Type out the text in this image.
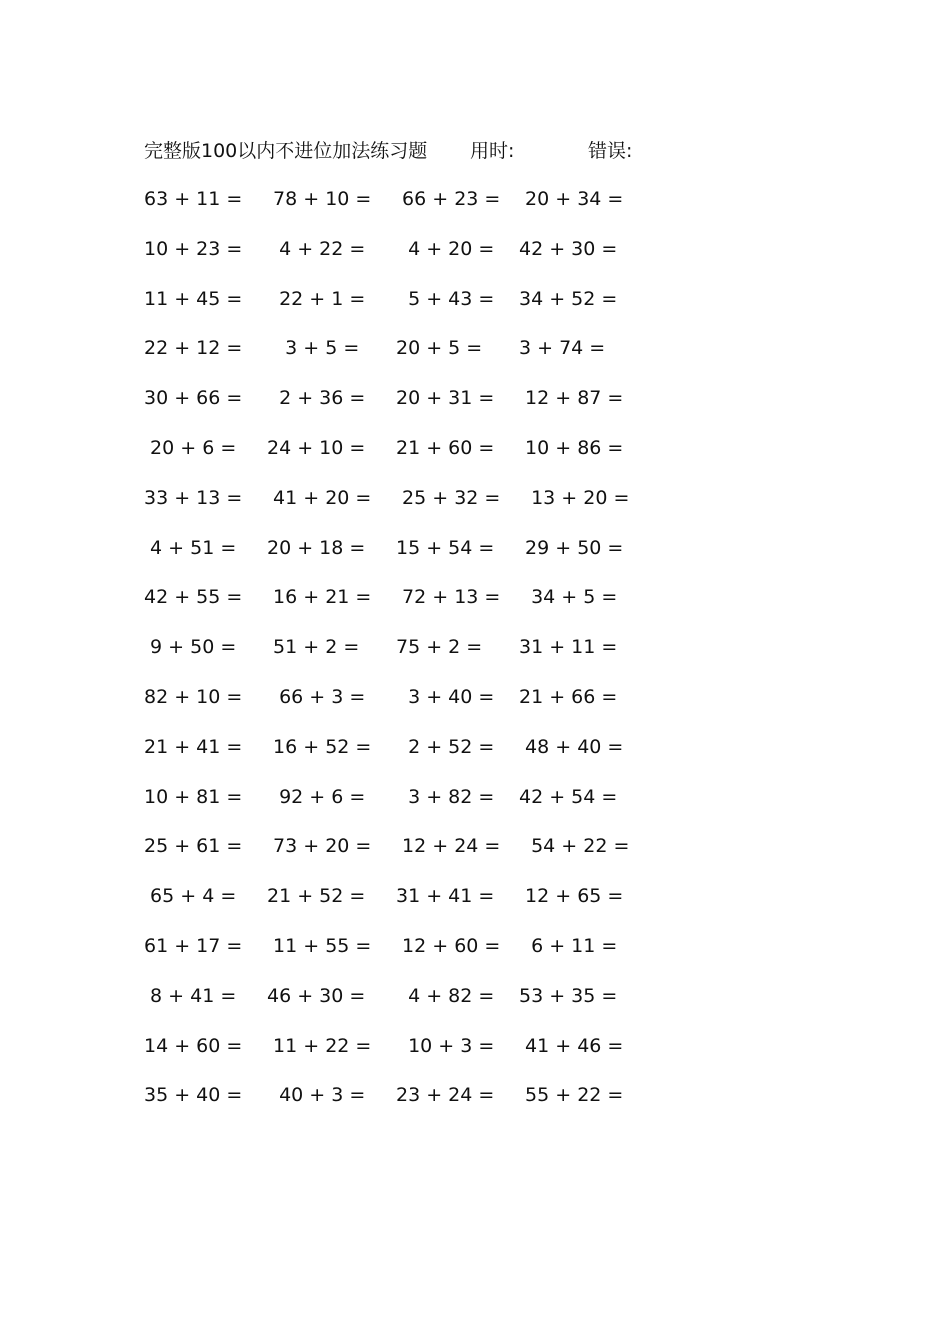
完整版100以内不进位加法练习题 用时:	错误:
63 + 11 = 78 + 10 = 66 + 23 = 20 + 34 =
10 + 23 = 4 + 22 = 4 + 20 = 42 + 30 =
11 + 45 = 22 + 1 = 5 + 43 = 34 + 52 =
22 + 12 = 3 + 5 = 20 + 5 = 3 + 74 =
30 + 66 = 2 + 36 = 20 + 31 = 12 + 87 =
20 + 6 = 24 + 10 = 21 + 60 = 10 + 86 =
33 + 13 = 41 + 20 = 25 + 32 = 13 + 20 =
4 + 51 = 20 + 18 = 15 + 54 = 29 + 50 =
42 + 55 = 16 + 21 = 72 + 13 = 34 + 5 =
9 + 50 = 51 + 2 = 75 + 2 = 31 + 11 =
82 + 10 = 66 + 3 = 3 + 40 = 21 + 66 =
21 + 41 = 16 + 52 = 2 + 52 = 48 + 40 =
10 + 81 = 92 + 6 = 3 + 82 = 42 + 54 =
25 + 61 = 73 + 20 = 12 + 24 = 54 + 22 =
65 + 4 = 21 + 52 = 31 + 41 = 12 + 65 =
61 + 17 = 11 + 55 = 12 + 60 = 6 + 11 =
8 + 41 = 46 + 30 = 4 + 82 = 53 + 35 =
14 + 60 = 11 + 22 = 10 + 3 = 41 + 46 =
35 + 40 = 40 + 3 = 23 + 24 = 55 + 22 =
